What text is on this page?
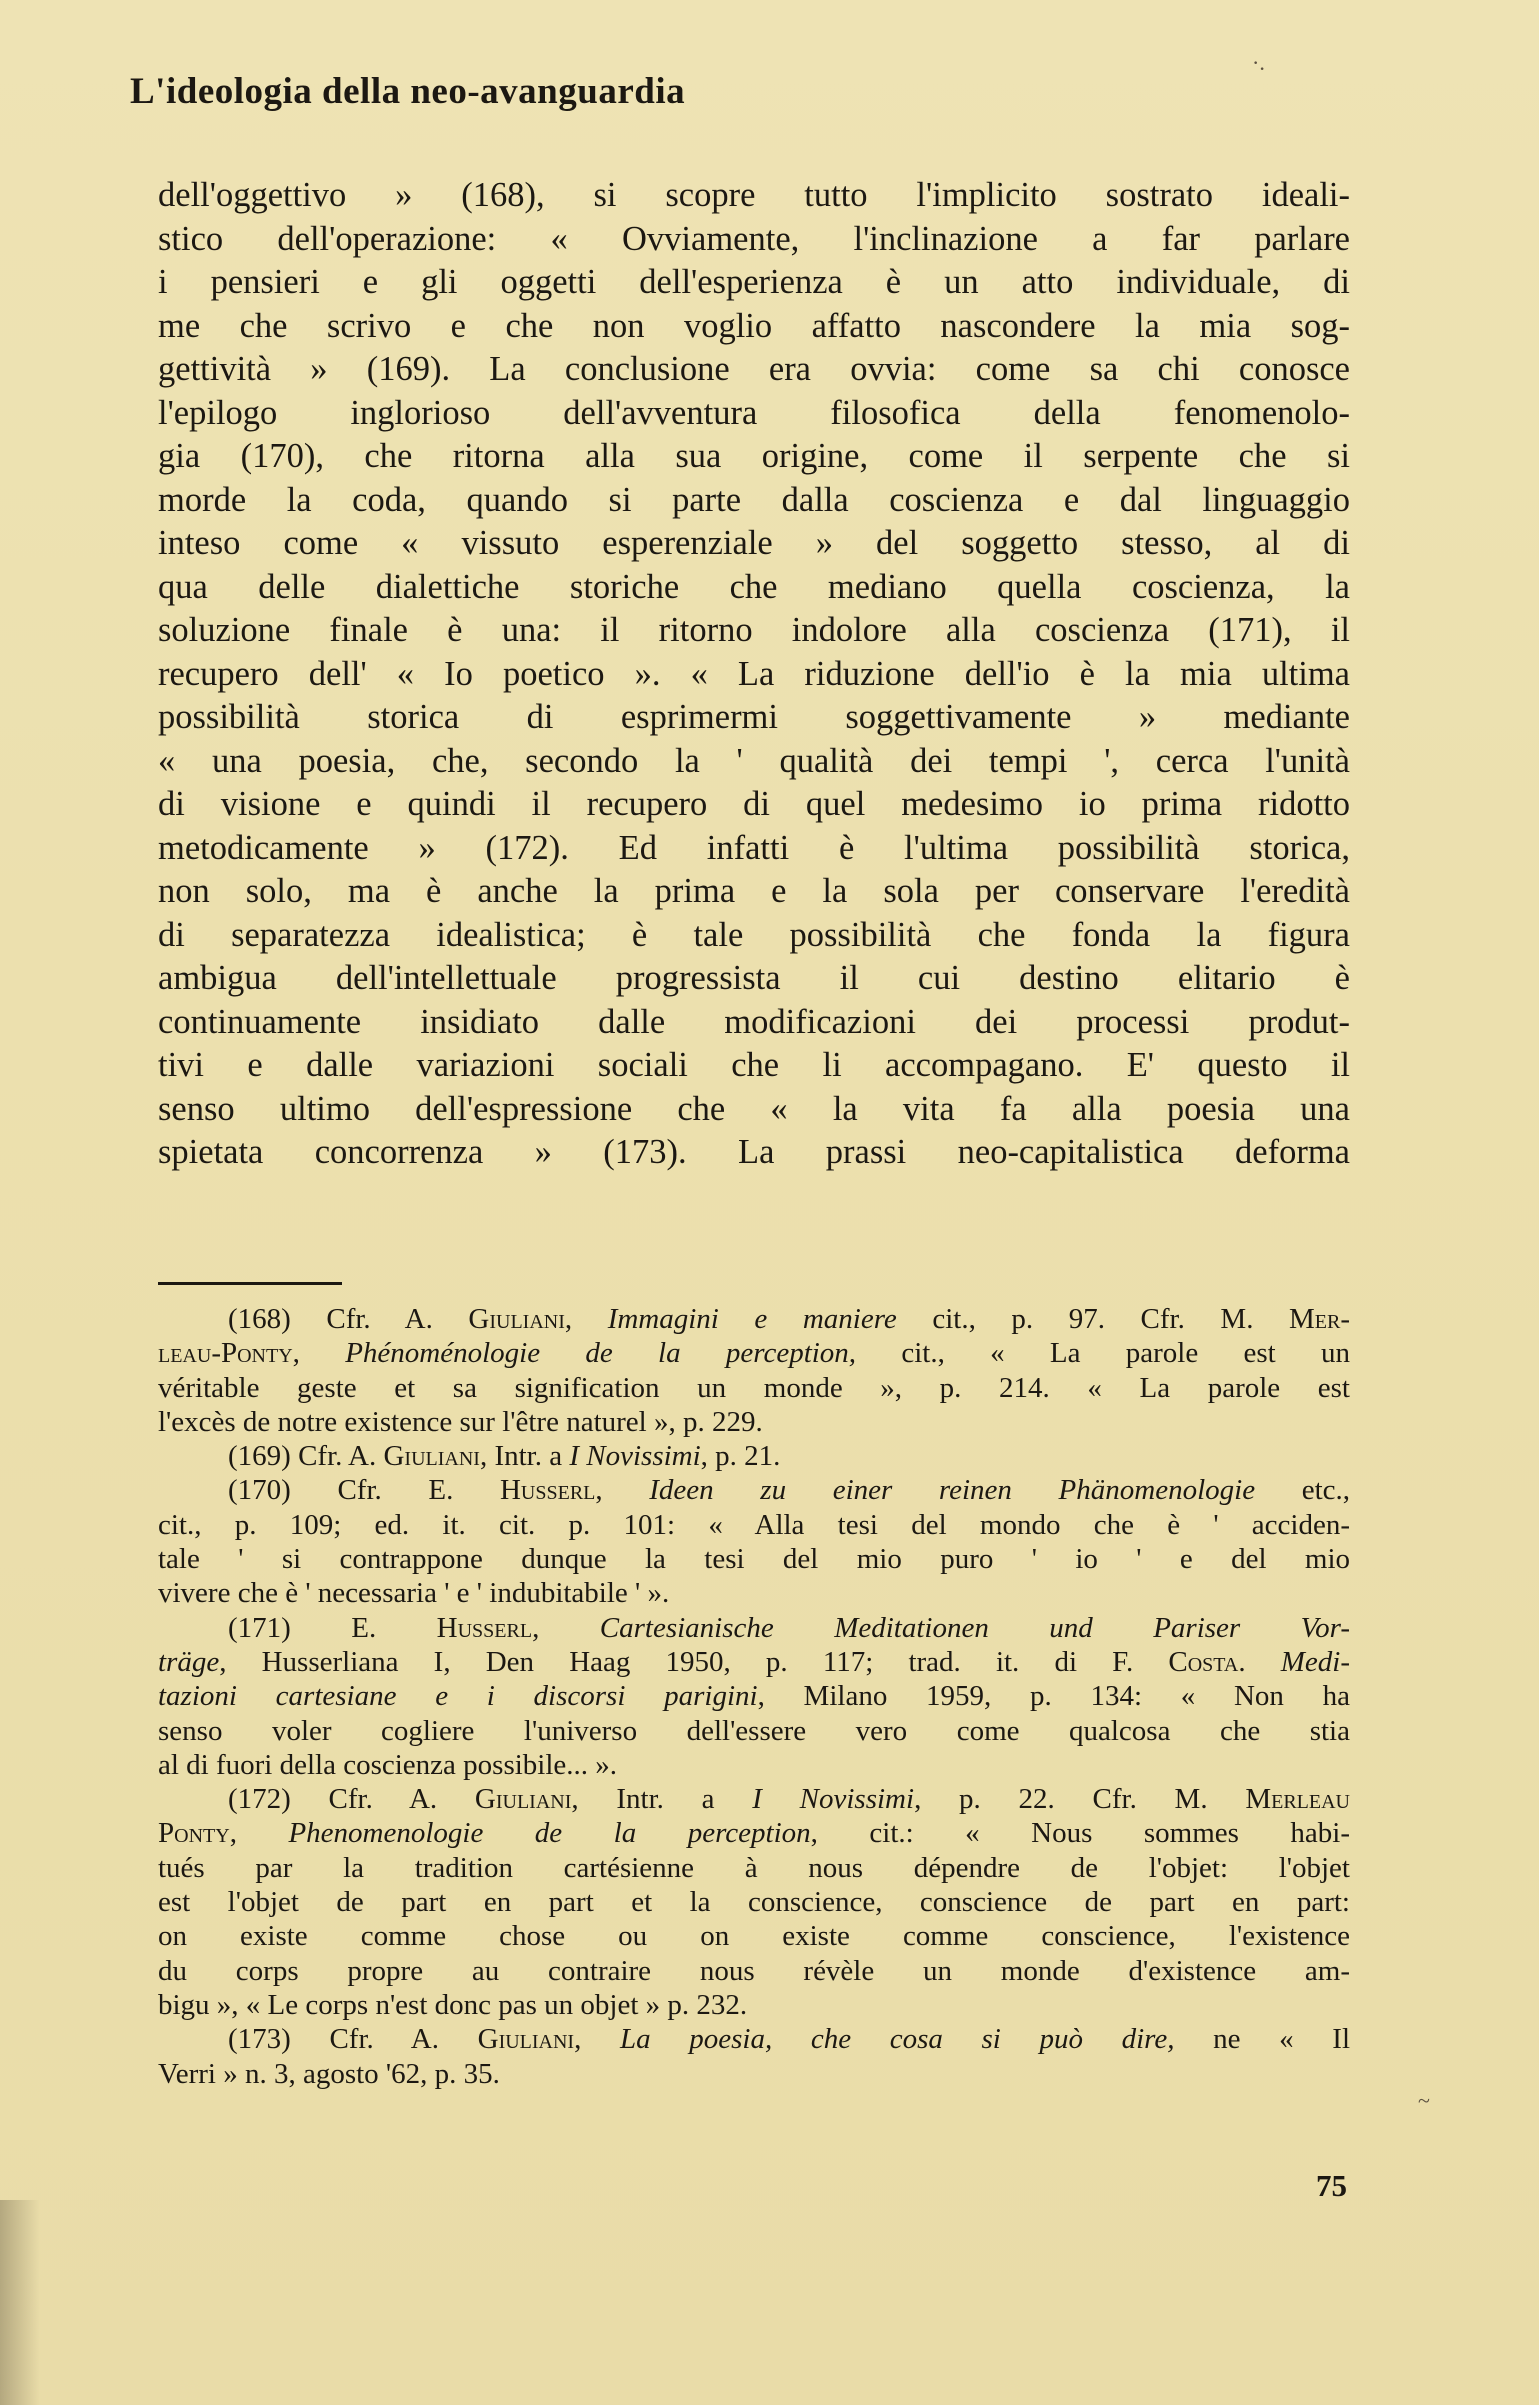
L'ideologia della neo-avanguardia
·.
dell'oggettivo » (168), si scopre tutto l'implicito sostrato ideali-
stico dell'operazione: « Ovviamente, l'inclinazione a far parlare
i pensieri e gli oggetti dell'esperienza è un atto individuale, di
me che scrivo e che non voglio affatto nascondere la mia sog-
gettività » (169). La conclusione era ovvia: come sa chi conosce
l'epilogo inglorioso dell'avventura filosofica della fenomenolo-
gia (170), che ritorna alla sua origine, come il serpente che si
morde la coda, quando si parte dalla coscienza e dal linguaggio
inteso come « vissuto esperenziale » del soggetto stesso, al di
qua delle dialettiche storiche che mediano quella coscienza, la
soluzione finale è una: il ritorno indolore alla coscienza (171), il
recupero dell' « Io poetico ». « La riduzione dell'io è la mia ultima
possibilità storica di esprimermi soggettivamente » mediante
« una poesia, che, secondo la ' qualità dei tempi ', cerca l'unità
di visione e quindi il recupero di quel medesimo io prima ridotto
metodicamente » (172). Ed infatti è l'ultima possibilità storica,
non solo, ma è anche la prima e la sola per conservare l'eredità
di separatezza idealistica; è tale possibilità che fonda la figura
ambigua dell'intellettuale progressista il cui destino elitario è
continuamente insidiato dalle modificazioni dei processi produt-
tivi e dalle variazioni sociali che li accompagano. E' questo il
senso ultimo dell'espressione che « la vita fa alla poesia una
spietata concorrenza » (173). La prassi neo-capitalistica deforma
(168) Cfr. A. Giuliani, Immagini e maniere cit., p. 97. Cfr. M. Mer-
leau-Ponty, Phénoménologie de la perception, cit., « La parole est un
véritable geste et sa signification un monde », p. 214. « La parole est
l'excès de notre existence sur l'être naturel », p. 229.
(169) Cfr. A. Giuliani, Intr. a I Novissimi, p. 21.
(170) Cfr. E. Husserl, Ideen zu einer reinen Phänomenologie etc.,
cit., p. 109; ed. it. cit. p. 101: « Alla tesi del mondo che è ' acciden-
tale ' si contrappone dunque la tesi del mio puro ' io ' e del mio
vivere che è ' necessaria ' e ' indubitabile ' ».
(171) E. Husserl, Cartesianische Meditationen und Pariser Vor-
träge, Husserliana I, Den Haag 1950, p. 117; trad. it. di F. Costa. Medi-
tazioni cartesiane e i discorsi parigini, Milano 1959, p. 134: « Non ha
senso voler cogliere l'universo dell'essere vero come qualcosa che stia
al di fuori della coscienza possibile... ».
(172) Cfr. A. Giuliani, Intr. a I Novissimi, p. 22. Cfr. M. Merleau
Ponty, Phenomenologie de la perception, cit.: « Nous sommes habi-
tués par la tradition cartésienne à nous dépendre de l'objet: l'objet
est l'objet de part en part et la conscience, conscience de part en part:
on existe comme chose ou on existe comme conscience, l'existence
du corps propre au contraire nous révèle un monde d'existence am-
bigu », « Le corps n'est donc pas un objet » p. 232.
(173) Cfr. A. Giuliani, La poesia, che cosa si può dire, ne « Il
Verri » n. 3, agosto '62, p. 35.
~
75
